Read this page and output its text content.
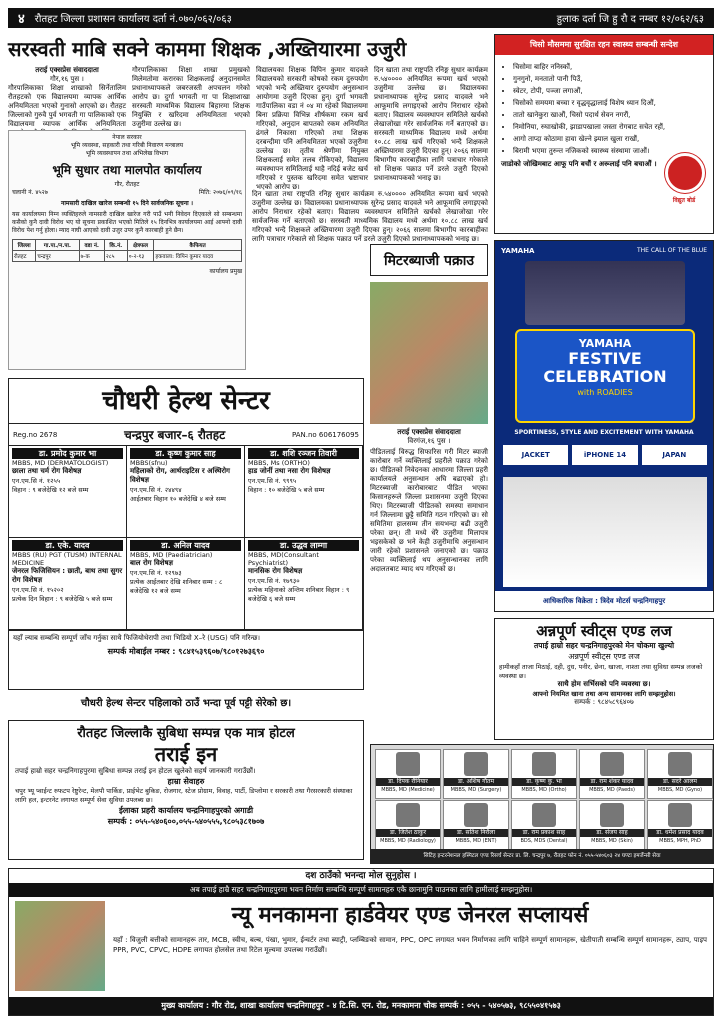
४	रौतहट जिल्ला प्रशासन कार्यालय दर्ता नं.०७०/०६२/०६३	हुलाक दर्ता जि हु रौ द नम्बर १२/०६२/६३
सरस्वती माबि सक्ने काममा शिक्षक ,अख्तियारमा उजुरी
तराई एक्सप्रेस संवाददाता
गौर,१६ पुस ।
गौरपालिकाका शिक्षा शाखाको सिर्नेतालिम रौतहटको एक विद्यालयमा व्यापक आर्थिक अनियमितता भएको गुनासो आएको छ। रौतहट जिल्लाको गुरुवै पुर्व भगवती गा पालिकाको एक विद्यालयमा व्यापक आर्थिक अनियमितता
गौरपालिकाका शिक्षा शाखा प्रमुखको मिलेमतोमा करारका शिक्षकलाई अनुदानसमेत प्रधानाध्यापकले जबरजस्ती अपचलन गरेको आरोप छ। दुर्गा भगवती गा पा शिक्षाशाखा सरस्वती माध्यमिक विद्यालय बिहारमा शिक्षक नियुक्ति र खरिदमा अनियमितता भएको उजुरीमा उल्लेख छ।
विद्यालयका शिक्षक विपिन कुमार यादवले विद्यालयको सरकारी कोषको रकम दुरुपयोग भएको भन्दै अख्तियार दुरुपयोग अनुसन्धान आयोगमा उजुरी दिएका हुन्। दुर्गा भगवती गाउँपालिका वडा नं ०४ मा रहेको विद्यालयमा बिना प्रक्रिया विभिन्न शीर्षकमा रकम खर्च गरिएको, अनुदान बापतको रकम अनियमित ढंगले निकासा गरिएको तथा शिक्षक दरबन्दीमा पनि अनियमितता भएको उजुरीमा उल्लेख छ। तृतीय श्रेणीमा नियुक्त शिक्षकलाई समेत तलब रोकिएको, विद्यालय व्यवस्थापन समितिलाई थाहै नदिई बजेट खर्च गरिएको र पुस्तक खरिदमा समेत भ्रष्टाचार भएको आरोप छ।
दिन खाता तथा राष्ट्रपति रनिङ्ग सुधार कार्यक्रम रु.५४०००० अनियमित रूपमा खर्च भएको उजुरीमा उल्लेख छ। विद्यालयका प्रधानाध्यापक सुरेन्द्र प्रसाद यादवले भने आफूमाथि लगाइएको आरोप निराधार रहेको बताए। विद्यालय व्यवस्थापन समितिले खर्चको लेखाजोखा गरेर सार्वजनिक गर्ने बताएको छ। सरस्वती माध्यमिक विद्यालय मध्ये अर्थमा १०.८८ लाख खर्च गरिएको भन्दै शिक्षकले अख्तियारमा उजुरी दिएका हुन्। २०६६ सालमा बिभागीय कारबाहीका लागि पत्राचार गरेकाले सो शिक्षक पक्राउ पर्ने डरले उजुरी दिएको प्रधानाध्यापकको भनाइ छ।
नेपाल सरकार
भूमि व्यवस्था, सहकारी तथा गरिबी निवारण मन्त्रालय
भूमि व्यवस्थापन तथा अभिलेख विभाग
भूमि सुधार तथा मालपोत कार्यालय
गौर, रौतहट
चलानी नं. ४५२७	मिति: २०७६/०९/१६
नामसारी दाखिल खारेज सम्बन्धी १५ दिने सार्वजनिक सूचना ।
यस कार्यालयमा निम्न व्यक्तिहरुले नामसारी दाखिल खारेज गरी पाउँ भनी निवेदन दिएकाले सो सम्बन्धमा कसैको कुनै दावी विरोध भए यो सूचना प्रकाशित भएको मितिले १५ दिनभित्र कार्यालयमा आई आफ्नो दावी विरोध पेश गर्नु होला। म्याद नाघी आएको दावी उजुर उपर कुनै कारबाही हुने छैन।
जिल्ला	गा.पा./न.पा.	वडा नं.	कि.नं.	क्षेत्रफल	कैफियत
रौतहट	चन्द्रपुर	७-क	२८५	०-२-१३	हकवाला: विपिन कुमार यादव
कार्यालय प्रमुख
दिन खाता तथा राष्ट्रपति रनिङ्ग सुधार कार्यक्रम रु.५४०००० अनियमित रूपमा खर्च भएको उजुरीमा उल्लेख छ। विद्यालयका प्रधानाध्यापक सुरेन्द्र प्रसाद यादवले भने आफूमाथि लगाइएको आरोप निराधार रहेको बताए। विद्यालय व्यवस्थापन समितिले खर्चको लेखाजोखा गरेर सार्वजनिक गर्ने बताएको छ। सरस्वती माध्यमिक विद्यालय मध्ये अर्थमा १०.८८ लाख खर्च गरिएको भन्दै शिक्षकले अख्तियारमा उजुरी दिएका हुन्। २०६६ सालमा बिभागीय कारबाहीका लागि पत्राचार गरेकाले सो शिक्षक पक्राउ पर्ने डरले उजुरी दिएको प्रधानाध्यापकको भनाइ छ।
चिसो मौसममा सुरक्षित रहन स्वास्थ्य सम्बन्धी सन्देश
• चिसोमा बाहिर ननिस्कौं,
• गुनगुनो, मनतातो पानी पिउँ,
• स्वेटर, टोपी, पञ्जा लगाऔं,
• चिसोको समयमा बच्चा र वृद्धवृद्धालाई विशेष ध्यान दिऔं,
• तातो खानेकुरा खाऔं, चिसो पदार्थ सेवन नगरौं,
• निमोनिया, रुघाखोकी, झाडापखाला जस्ता रोगबाट सचेत रहौं,
• आगो ताप्दा कोठामा हावा खेल्ने झ्याल खुला राखौं,
• बिरामी भएमा तुरुन्त नजिकको स्वास्थ्य संस्थामा जाऔं।
जाडोको जोखिमबाट आफू पनि बचौं र अरूलाई पनि बचाऔं ।
विद्युत बोर्ड
YAMAHA	THE CALL OF THE BLUE
YAMAHA
FESTIVE
CELEBRATION
with ROADIES
SPORTINESS, STYLE AND EXCITEMENT WITH YAMAHA
JACKET	iPHONE 14	JAPAN
आधिकारिक विक्रेता : त्रिदेव मोटर्स चन्द्रनिगाहपुर
मिटरब्याजी पक्राउ
तराई एक्सप्रेस संवाददाता
विरगंज,१६ पुस ।
पीडितलाई विरुद्ध सिफारिस गरी मिटर ब्याजी कारोबार गर्ने व्यक्तिलाई प्रहरीले पक्राउ गरेको छ। पीडितको निवेदनका आधारमा जिल्ला प्रहरी कार्यालयले अनुसन्धान अघि बढाएको हो। मिटरब्याजी कारोबारबाट पीडित भएका किसानहरूले जिल्ला प्रशासनमा उजुरी दिएका थिए। मिटरब्याजी पीडितको समस्या समाधान गर्न जिल्लामा छुट्टै समिति गठन गरिएको छ। सो समितिमा हालसम्म तीन सयभन्दा बढी उजुरी परेका छन्। ती मध्ये धेरै उजुरीमा मिलापत्र भइसकेको छ भने केही उजुरीमाथि अनुसन्धान जारी रहेको प्रशासनले जनाएको छ। पक्राउ परेका व्यक्तिलाई थप अनुसन्धानका लागि अदालतबाट म्याद थप गरिएको छ।
चौधरी हेल्थ सेन्टर
Reg.no 2678	चन्द्रपुर बजार–६ रौतहट	PAN.no 606176095
डा. प्रमोद कुमार भा
MBBS, MD (DERMATOLOGIST)
छाला तथा चर्म रोग विशेषज्ञ
एन.एम.सि नं. १२५५
विहान : ९ बजेदेखि १२ बजे सम्म
डा. कृष्ण कुमार साह
MBBS(sfnu)
महिलाको रोग, आर्थराइटिस र अस्थिरोग विशेषज्ञ
एन.एम.सि नं. २४४९४
आईतबार विहान १० बजेदेखि ४ बजे सम्म
डा. शशि रञ्जन तिवारी
MBBS, Ms (ORTHO)
हाड जोर्नी तथा नसा रोग विशेषज्ञ
एन.एम.सि नं. ९९९५
विहान : १० बजेदेखि ५ बजे सम्म
डा. एके. यादव
MBBS (RU) PGT (TUSM) INTERNAL MEDICINE
जेनरल फिजिसियन : छाती, बाथ तथा सुगर रोग विशेषज्ञ
एन.एम.सि नं. १५२०२
प्रत्येक दिन विहान : ९ बजेदेखि ५ बजे सम्म
डा. अनिल यादव
MBBS, MD (Paediatrician)
बाल रोग विशेषज्ञ
एन.एम.सि नं. १२९७३
प्रत्येक आईतबार देखि शनिबार सम्म : ८ बजेदेखि १२ बजे सम्म
डा. उद्धव लाम्गा
MBBS, MD(Consultant Psychiatrist)
मानसिक रोग विशेषज्ञ
एन.एम.सि नं. १७९३०
प्रत्येक महिनाको अन्तिम शनिबार विहान : ९ बजेदेखि ६ बजे सम्म
यहाँ ल्याब सम्बन्धि सम्पूर्ण जाँच गर्नुका साथै फिजियोथेरापी तथा भिडियो X–रे (USG) पनि गरिन्छ।
सम्पर्क मोबाईल नम्बर : ९८४१५३९६०७/९८०१२७३६९०
चौधरी हेल्थ सेन्टर पहिलाको ठाउँ भन्दा पूर्व पट्टी सेरेको छ।
रौतहट जिल्लाकै सुबिधा सम्पन्न एक मात्र होटल
तराई इन
तपाई हाम्रो सहर चन्द्रनिगाहपुरमा सुबिधा सम्पन्न तराई इन होटल खुलेको सहर्ष जानकारी गराउँछौं।
हाम्रा सेवाहरु
चपुर भ्यू प्वाईन्ट रुफटप रेष्टुरेन्ट, मेलपौ पार्किङ, प्राईभेट बुकिङ, रोजगार, स्टेज प्रोग्राम, विवाह, पार्टी, डिप्लोमा र सरकारी तथा गैरसरकारी संस्थाका लागि हल, इन्टरनेट लगायत सम्पूर्ण सेवा सुविधा उपलब्ध छ।
ईलाका प्रहरी कार्यालय चन्द्रनिगाहपुरको अगाडी
सम्पर्क : ०५५-५४०६००,०५५-५४०५५५,९८०५३८१७०७
अन्नपूर्ण स्वीट्स एण्ड लज
तपाई हाम्रो सहर चन्द्रनिगाहपुरको मेन चोकमा खुल्यो
अन्नपूर्ण स्वीट्स एण्ड लज
हामीकहाँ ताजा मिठाई, दही, दुध, पनीर, छेना, खाजा, नाश्ता तथा सुविधा सम्पन्न लजको व्यवस्था छ।
साथै होम सर्भिसको पनि व्यवस्था छ।
आफ्नो नियमित खाना तथा अन्य सामानका लागि सम्झनुहोस।
सम्पर्क : ९८४५८९६४०७
डा. दिपक रौनियार
MBBS, MD (Medicine)
डा. अशिष गौतम
MBBS, MD (Surgery)
डा. कृष्ण कु. भा
MBBS, MD (Ortho)
डा. राम शंकर यादव
MBBS, MD (Paeds)
डा. सदरे आलम
MBBS, MD (Gyno)
डा. जितेश ठाकुर
MBBS, MD (Radiology)
डा. सतिश निरौला
MBBS, MD (ENT)
डा. राम प्रकाश साह
BDS, MDS (Dental)
डा. संजय साह
MBBS, MD (Skin)
डा. धर्मेश प्रसाद यादव
MBBS, MPH, PhD
सिटिह इन्टरनेशनल हस्पिटल एण्ड रिसर्च सेन्टर प्रा. लि. चन्द्रपुर ७, रौतहट फोन नं. ०५५-५४०६०३ २४ घण्टा इमर्जेन्सी सेवा
दश ठाउँको भनन्दा मोल सुनुहोस ।
अब तपाई हाम्रै सहर चन्द्रनिगाहपुरमा भवन निर्माण सम्बन्धि सम्पूर्ण सामानहरु एकै छानामुनि पाउनका लागि हामीलाई सम्झनुहोस।
न्यू मनकामना हार्डवेयर एण्ड जेनरल सप्लायर्स
यहाँ : विजुली बत्तीको सामानहरू तार, MCB, स्वीच, बल्ब, पंखा, भुमार, ईन्वर्टर तथा ब्याट्री, प्लम्बिङको सामान, PPC, OPC लगायत भवन निर्माणका लागि चाहिने सम्पूर्ण सामानहरू, खेतीपाती सम्बन्धि सम्पूर्ण सामानहरू, ट्याप, पाइप PPR, PVC, CPVC, HDPE लगायत होलसेल तथा रिटेल मूल्यमा उपलब्ध गराउँछौं।
मुख्य कार्यालय : गौर रोड, शाखा कार्यालय चन्द्रनिगाहपुर - ४ टि.सि. एन. रोड, मनकामना चोक सम्पर्क : ०५५ - ५४०५७३, ९८५५०४१५७३
